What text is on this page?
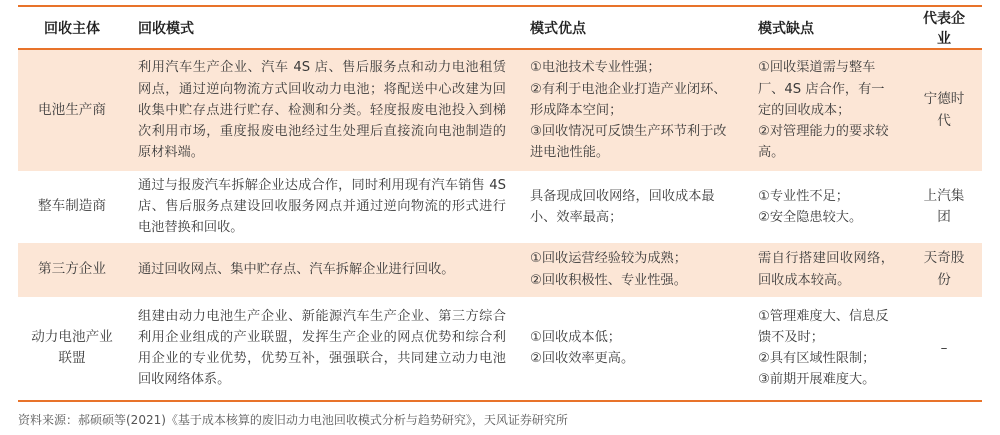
回收主体	回收模式	模式优点	模式缺点	代表企业
电池生产商	利用汽车生产企业、汽车 4S 店、售后服务点和动力电池租赁网点，通过逆向物流方式回收动力电池；将配送中心改建为回收集中贮存点进行贮存、检测和分类。轻度报废电池投入到梯次利用市场，重度报废电池经过生处理后直接流向电池制造的原材料端。	①电池技术专业性强；
②有利于电池企业打造产业闭环、形成降本空间；
③回收情况可反馈生产环节利于改进电池性能。	①回收渠道需与整车厂、4S 店合作，有一定的回收成本；
②对管理能力的要求较高。	宁德时代
整车制造商	通过与报废汽车拆解企业达成合作，同时利用现有汽车销售 4S 店、售后服务点建设回收服务网点并通过逆向物流的形式进行电池替换和回收。	具备现成回收网络，回收成本最小、效率最高；	①专业性不足；
②安全隐患较大。	上汽集团
第三方企业	通过回收网点、集中贮存点、汽车拆解企业进行回收。	①回收运营经验较为成熟；
②回收积极性、专业性强。	需自行搭建回收网络，回收成本较高。	天奇股份
动力电池产业联盟	组建由动力电池生产企业、新能源汽车生产企业、第三方综合利用企业组成的产业联盟，发挥生产企业的网点优势和综合利用企业的专业优势，优势互补，强强联合，共同建立动力电池回收网络体系。	①回收成本低；
②回收效率更高。	①管理难度大、信息反馈不及时；
②具有区域性限制；
③前期开展难度大。	–
资料来源：郝硕硕等(2021)《基于成本核算的废旧动力电池回收模式分析与趋势研究》，天风证券研究所
